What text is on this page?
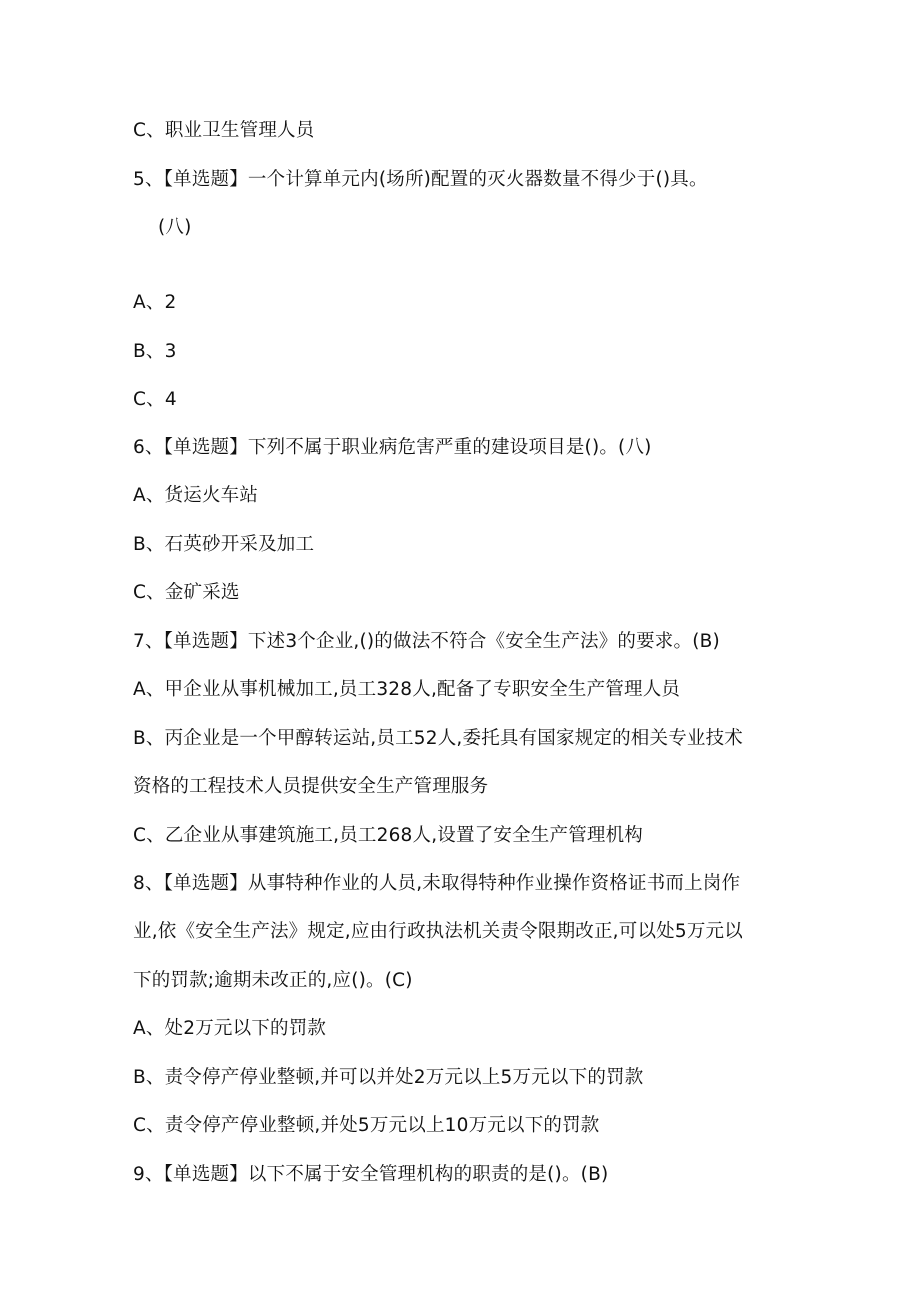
C、职业卫生管理人员
5、【单选题】一个计算单元内(场所)配置的灭火器数量不得少于()具。
(八)
A、2
B、3
C、4
6、【单选题】下列不属于职业病危害严重的建设项目是()。(八)
A、货运火车站
B、石英砂开采及加工
C、金矿采选
7、【单选题】下述3个企业,()的做法不符合《安全生产法》的要求。(B)
A、甲企业从事机械加工,员工328人,配备了专职安全生产管理人员
B、丙企业是一个甲醇转运站,员工52人,委托具有国家规定的相关专业技术
资格的工程技术人员提供安全生产管理服务
C、乙企业从事建筑施工,员工268人,设置了安全生产管理机构
8、【单选题】从事特种作业的人员,未取得特种作业操作资格证书而上岗作
业,依《安全生产法》规定,应由行政执法机关责令限期改正,可以处5万元以
下的罚款;逾期未改正的,应()。(C)
A、处2万元以下的罚款
B、责令停产停业整顿,并可以并处2万元以上5万元以下的罚款
C、责令停产停业整顿,并处5万元以上10万元以下的罚款
9、【单选题】以下不属于安全管理机构的职责的是()。(B)
